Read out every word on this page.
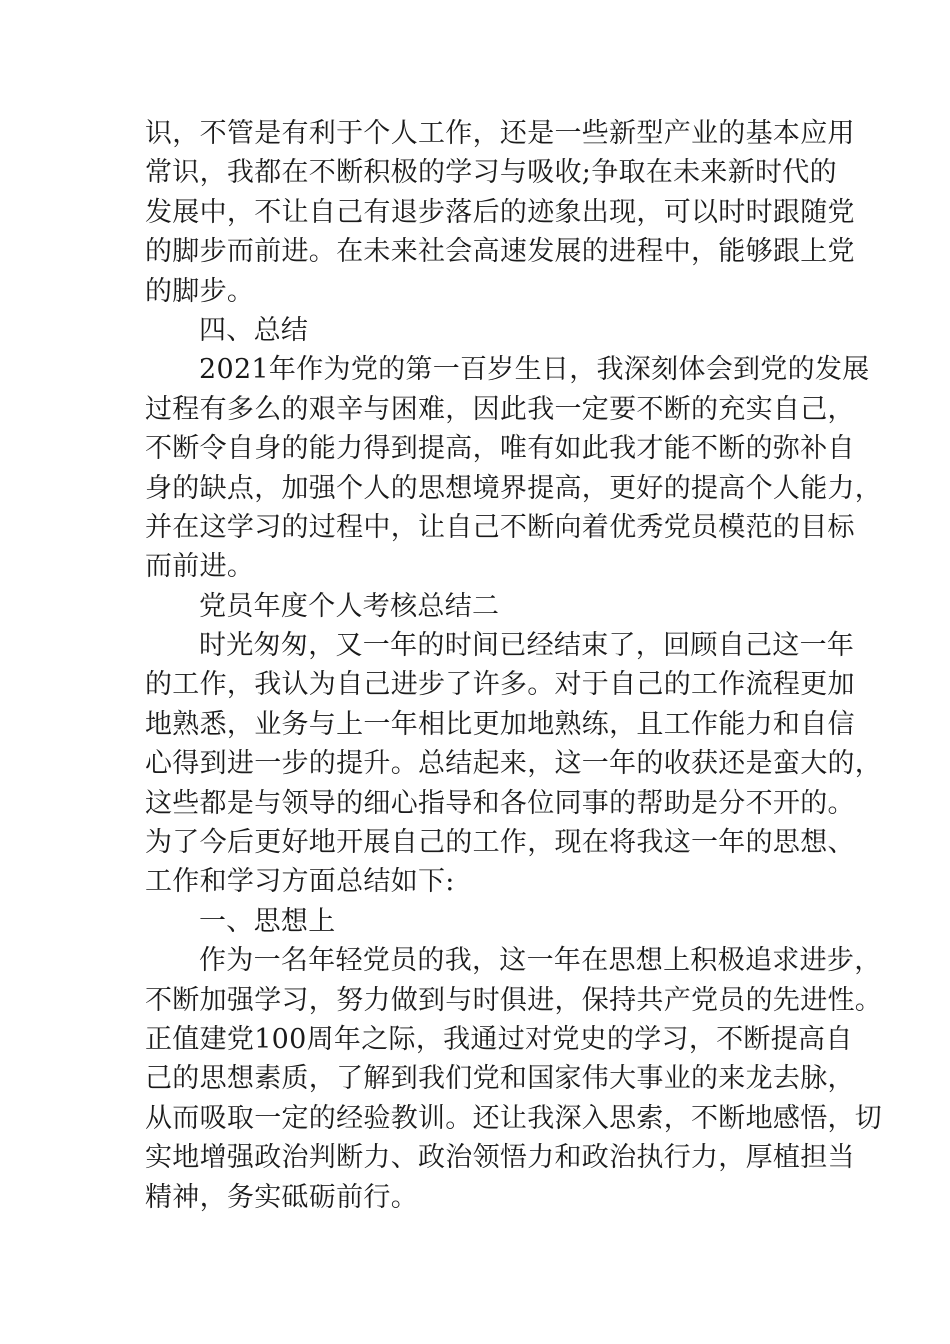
识，不管是有利于个人工作，还是一些新型产业的基本应用
常识，我都在不断积极的学习与吸收;争取在未来新时代的
发展中，不让自己有退步落后的迹象出现，可以时时跟随党
的脚步而前进。在未来社会高速发展的进程中，能够跟上党
的脚步。
四、总结
2021年作为党的第一百岁生日，我深刻体会到党的发展
过程有多么的艰辛与困难，因此我一定要不断的充实自己，
不断令自身的能力得到提高，唯有如此我才能不断的弥补自
身的缺点，加强个人的思想境界提高，更好的提高个人能力，
并在这学习的过程中，让自己不断向着优秀党员模范的目标
而前进。
党员年度个人考核总结二
时光匆匆，又一年的时间已经结束了，回顾自己这一年
的工作，我认为自己进步了许多。对于自己的工作流程更加
地熟悉，业务与上一年相比更加地熟练，且工作能力和自信
心得到进一步的提升。总结起来，这一年的收获还是蛮大的，
这些都是与领导的细心指导和各位同事的帮助是分不开的。
为了今后更好地开展自己的工作，现在将我这一年的思想、
工作和学习方面总结如下:
一、思想上
作为一名年轻党员的我，这一年在思想上积极追求进步，
不断加强学习，努力做到与时俱进，保持共产党员的先进性。
正值建党100周年之际，我通过对党史的学习，不断提高自
己的思想素质，了解到我们党和国家伟大事业的来龙去脉，
从而吸取一定的经验教训。还让我深入思索，不断地感悟，切
实地增强政治判断力、政治领悟力和政治执行力，厚植担当
精神，务实砥砺前行。
